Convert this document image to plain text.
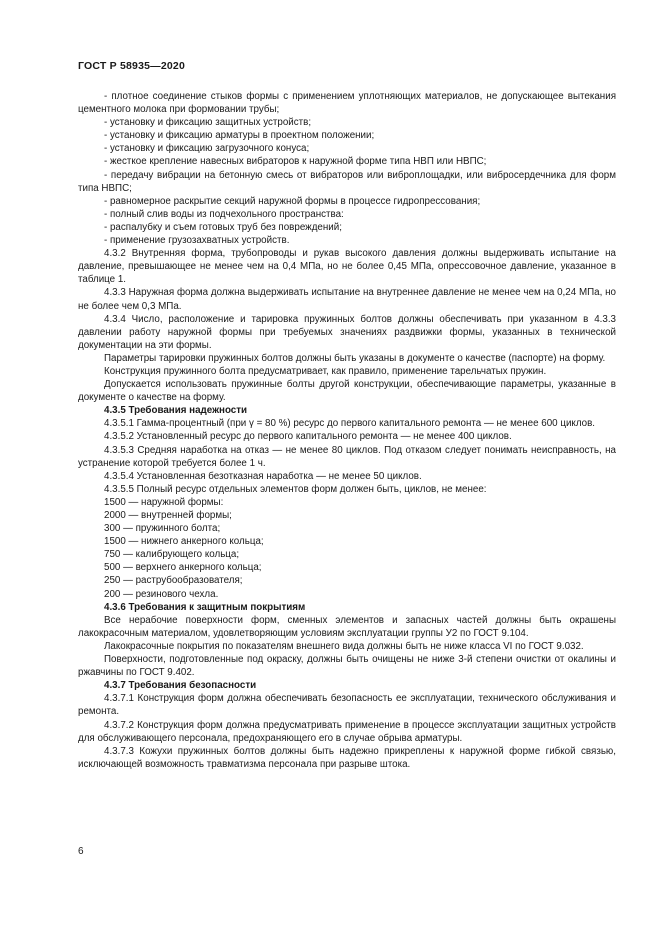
ГОСТ Р 58935—2020

- плотное соединение стыков формы с применением уплотняющих материалов, не допускающее вытекания цементного молока при формовании трубы;

- установку и фиксацию защитных устройств;

- установку и фиксацию арматуры в проектном положении;

- установку и фиксацию загрузочного конуса;

- жесткое крепление навесных вибраторов к наружной форме типа НВП или НВПС;

- передачу вибрации на бетонную смесь от вибраторов или виброплощадки, или вибросердечника для форм типа НВПС;

- равномерное раскрытие секций наружной формы в процессе гидропрессования;

- полный слив воды из подчехольного пространства:

- распалубку и съем готовых труб без повреждений;

- применение грузозахватных устройств.

4.3.2 Внутренняя форма, трубопроводы и рукав высокого давления должны выдерживать испытание на давление, превышающее не менее чем на 0,4 МПа, но не более 0,45 МПа, опрессовочное давление, указанное в таблице 1.

4.3.3 Наружная форма должна выдерживать испытание на внутреннее давление не менее чем на 0,24 МПа, но не более чем 0,3 МПа.

4.3.4 Число, расположение и тарировка пружинных болтов должны обеспечивать при указанном в 4.3.3 давлении работу наружной формы при требуемых значениях раздвижки формы, указанных в технической документации на эти формы.

Параметры тарировки пружинных болтов должны быть указаны в документе о качестве (паспорте) на форму.

Конструкция пружинного болта предусматривает, как правило, применение тарельчатых пружин.

Допускается использовать пружинные болты другой конструкции, обеспечивающие параметры, указанные в документе о качестве на форму.

4.3.5 Требования надежности

4.3.5.1 Гамма-процентный (при γ = 80 %) ресурс до первого капитального ремонта — не менее 600 циклов.

4.3.5.2 Установленный ресурс до первого капитального ремонта — не менее 400 циклов.

4.3.5.3 Средняя наработка на отказ — не менее 80 циклов. Под отказом следует понимать неисправность, на устранение которой требуется более 1 ч.

4.3.5.4 Установленная безотказная наработка — не менее 50 циклов.

4.3.5.5 Полный ресурс отдельных элементов форм должен быть, циклов, не менее:

1500 — наружной формы:

2000 — внутренней формы;

300 — пружинного болта;

1500 — нижнего анкерного кольца;

750 — калибрующего кольца;

500 — верхнего анкерного кольца;

250 — раструбообразователя;

200 — резинового чехла.

4.3.6 Требования к защитным покрытиям

Все нерабочие поверхности форм, сменных элементов и запасных частей должны быть окрашены лакокрасочным материалом, удовлетворяющим условиям эксплуатации группы У2 по ГОСТ 9.104.

Лакокрасочные покрытия по показателям внешнего вида должны быть не ниже класса VI по ГОСТ 9.032.

Поверхности, подготовленные под окраску, должны быть очищены не ниже 3-й степени очистки от окалины и ржавчины по ГОСТ 9.402.

4.3.7 Требования безопасности

4.3.7.1 Конструкция форм должна обеспечивать безопасность ее эксплуатации, технического обслуживания и ремонта.

4.3.7.2 Конструкция форм должна предусматривать применение в процессе эксплуатации защитных устройств для обслуживающего персонала, предохраняющего его в случае обрыва арматуры.

4.3.7.3 Кожухи пружинных болтов должны быть надежно прикреплены к наружной форме гибкой связью, исключающей возможность травматизма персонала при разрыве штока.

6
